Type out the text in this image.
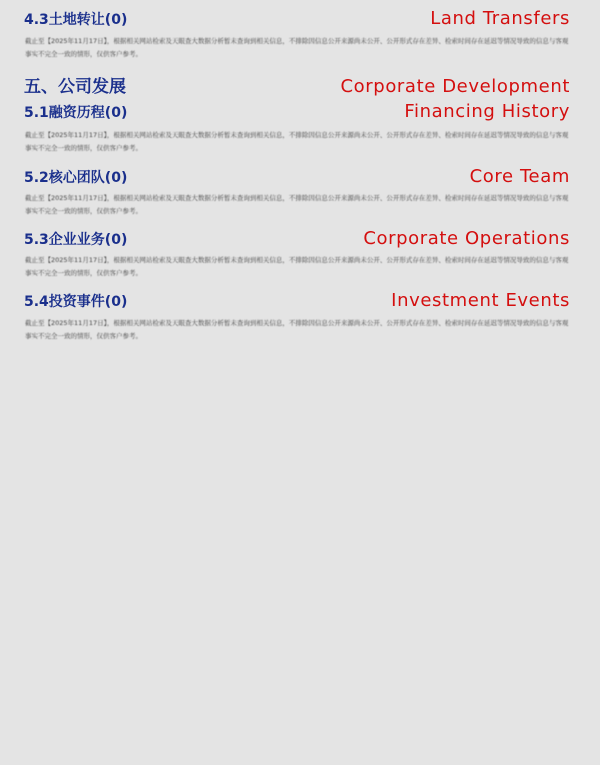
4.3土地转让(0)	Land Transfers
截止至【2025年11月17日】，根据相关网站检索及天眼查大数据分析暂未查询到相关信息，不排除因信息公开来源尚未公开、公开形式存在差异、检索时间存在延迟等情况导致的信息与客观事实不完全一致的情形，仅供客户参考。
五、公司发展	Corporate Development
5.1融资历程(0)	Financing History
截止至【2025年11月17日】，根据相关网站检索及天眼查大数据分析暂未查询到相关信息，不排除因信息公开来源尚未公开、公开形式存在差异、检索时间存在延迟等情况导致的信息与客观事实不完全一致的情形，仅供客户参考。
5.2核心团队(0)	Core Team
截止至【2025年11月17日】，根据相关网站检索及天眼查大数据分析暂未查询到相关信息，不排除因信息公开来源尚未公开、公开形式存在差异、检索时间存在延迟等情况导致的信息与客观事实不完全一致的情形，仅供客户参考。
5.3企业业务(0)	Corporate Operations
截止至【2025年11月17日】，根据相关网站检索及天眼查大数据分析暂未查询到相关信息，不排除因信息公开来源尚未公开、公开形式存在差异、检索时间存在延迟等情况导致的信息与客观事实不完全一致的情形，仅供客户参考。
5.4投资事件(0)	Investment Events
截止至【2025年11月17日】，根据相关网站检索及天眼查大数据分析暂未查询到相关信息，不排除因信息公开来源尚未公开、公开形式存在差异、检索时间存在延迟等情况导致的信息与客观事实不完全一致的情形，仅供客户参考。
